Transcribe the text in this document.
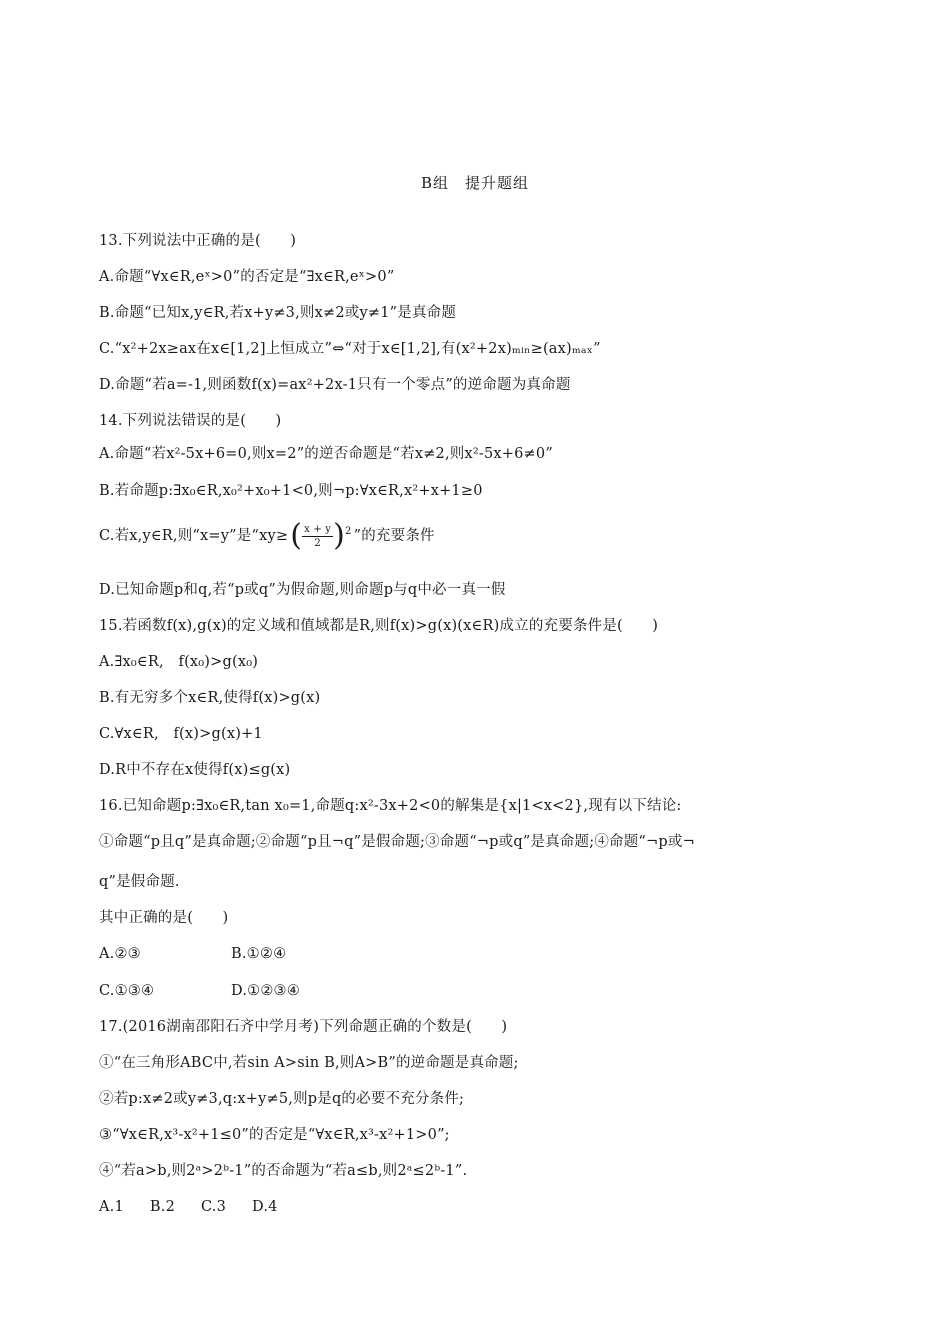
B组　提升题组
13.下列说法中正确的是(　　)
A.命题“∀x∈R,eˣ>0”的否定是“∃x∈R,eˣ>0”
B.命题“已知x,y∈R,若x+y≠3,则x≠2或y≠1”是真命题
C.“x²+2x≥ax在x∈[1,2]上恒成立”⇔“对于x∈[1,2],有(x²+2x)ₘᵢₙ≥(ax)ₘₐₓ”
D.命题“若a=-1,则函数f(x)=ax²+2x-1只有一个零点”的逆命题为真命题
14.下列说法错误的是(　　)
A.命题“若x²-5x+6=0,则x=2”的逆否命题是“若x≠2,则x²-5x+6≠0”
B.若命题p:∃x₀∈R,x₀²+x₀+1<0,则¬p:∀x∈R,x²+x+1≥0
C.若x,y∈R,则“x=y”是“$xy\ge( \frac{x + y}{2} )^2$ ”的充要条件
D.已知命题p和q,若“p或q”为假命题,则命题p与q中必一真一假
15.若函数f(x),g(x)的定义域和值域都是R,则f(x)>g(x)(x∈R)成立的充要条件是(　　)
A.∃x₀∈R,　f(x₀)>g(x₀)
B.有无穷多个x∈R,使得f(x)>g(x)
C.∀x∈R,　f(x)>g(x)+1
D.R中不存在x使得f(x)≤g(x)
16.已知命题p:∃x₀∈R,tan x₀=1,命题q:x²-3x+2<0的解集是{x|1<x<2},现有以下结论:
①命题“p且q”是真命题;②命题“p且¬q”是假命题;③命题“¬p或q”是真命题;④命题“¬p或¬
q”是假命题.
其中正确的是(　　)
A.②③	B.①②④
C.①③④	D.①②③④
17.(2016湖南邵阳石齐中学月考)下列命题正确的个数是(　　)
①“在三角形ABC中,若sin A>sin B,则A>B”的逆命题是真命题;
②若p:x≠2或y≠3,q:x+y≠5,则p是q的必要不充分条件;
③“∀x∈R,x³-x²+1≤0”的否定是“∀x∈R,x³-x²+1>0”;
④“若a>b,则2ᵃ>2ᵇ-1”的否命题为“若a≤b,则2ᵃ≤2ᵇ-1”.
A.1 B.2 C.3 D.4
